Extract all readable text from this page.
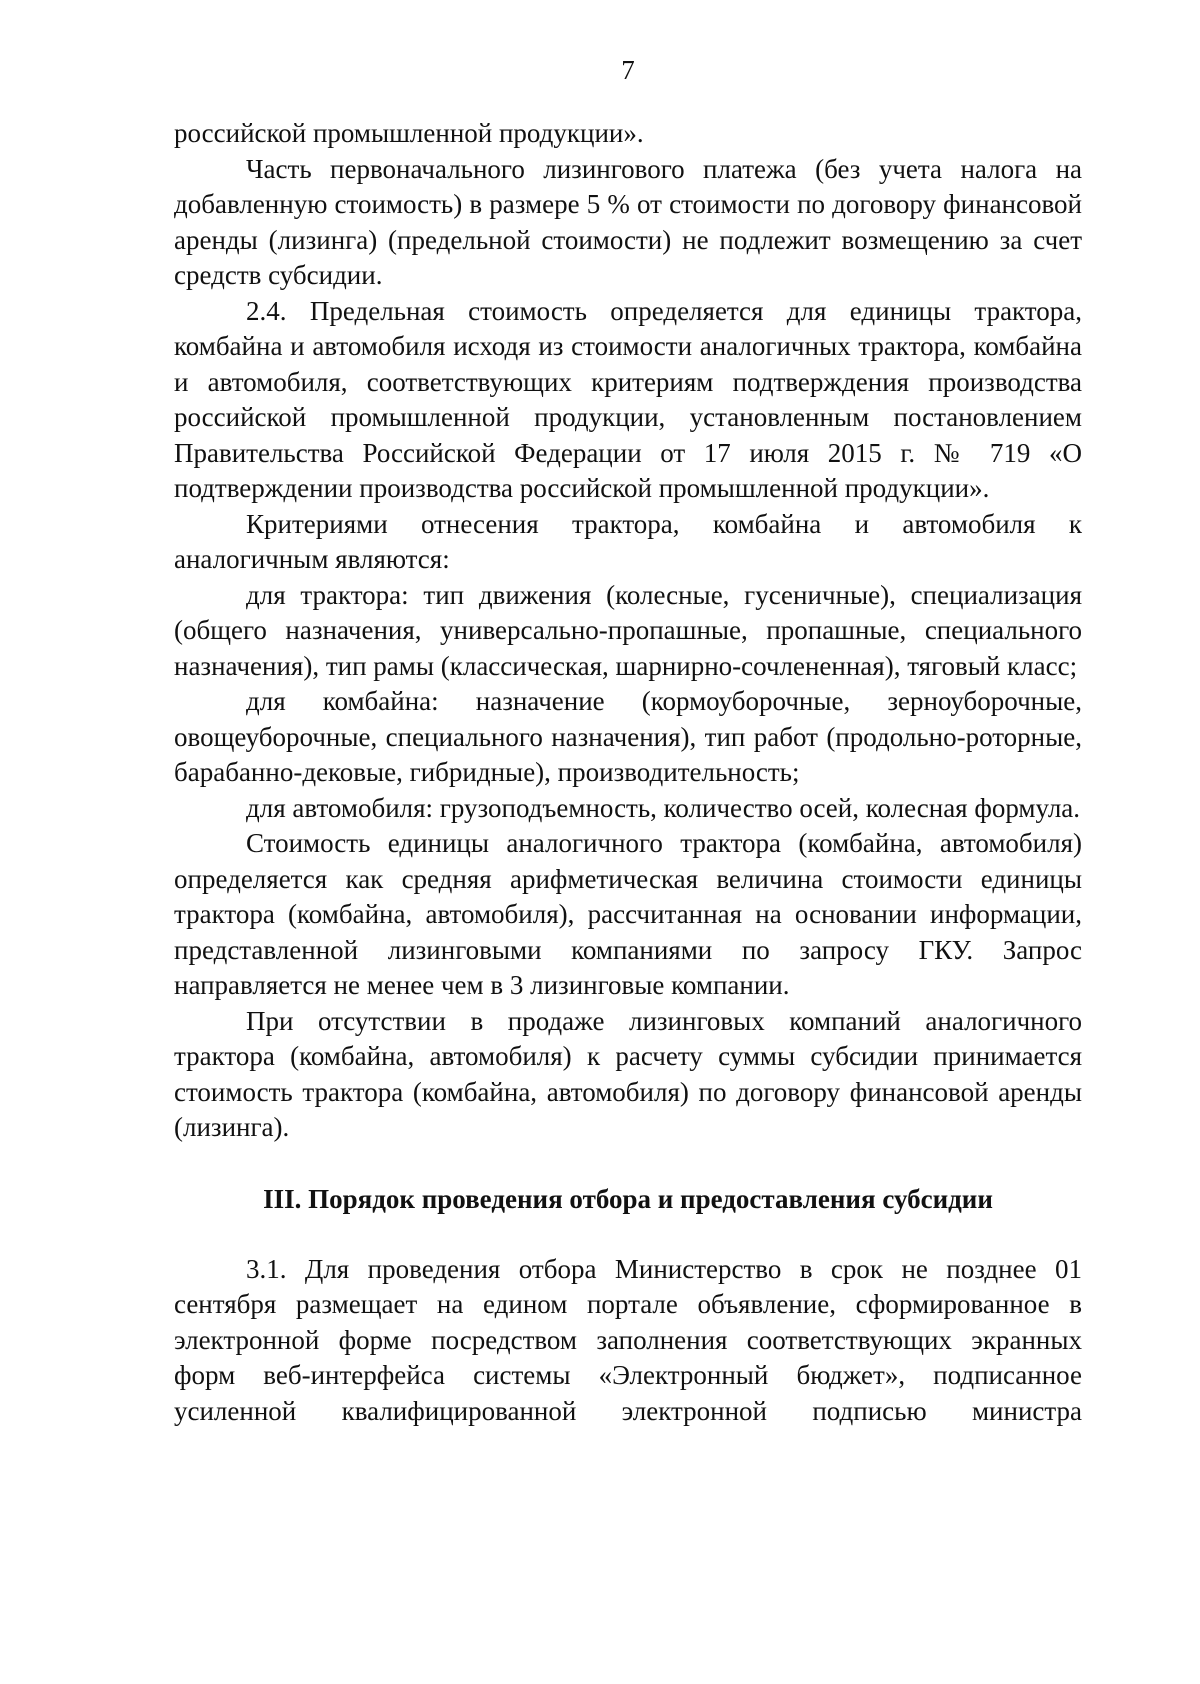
7

российской промышленной продукции».

Часть первоначального лизингового платежа (без учета налога на добавленную стоимость) в размере 5 % от стоимости по договору финансовой аренды (лизинга) (предельной стоимости) не подлежит возмещению за счет средств субсидии.

2.4. Предельная стоимость определяется для единицы трактора, комбайна и автомобиля исходя из стоимости аналогичных трактора, комбайна и автомобиля, соответствующих критериям подтверждения производства российской промышленной продукции, установленным постановлением Правительства Российской Федерации от 17 июля 2015 г. № 719 «О подтверждении производства российской промышленной продукции».

Критериями отнесения трактора, комбайна и автомобиля к аналогичным являются:

для трактора: тип движения (колесные, гусеничные), специализация (общего назначения, универсально-пропашные, пропашные, специального назначения), тип рамы (классическая, шарнирно-сочлененная), тяговый класс;

для комбайна: назначение (кормоуборочные, зерноуборочные, овощеуборочные, специального назначения), тип работ (продольно-роторные, барабанно-дековые, гибридные), производительность;

для автомобиля: грузоподъемность, количество осей, колесная формула.

Стоимость единицы аналогичного трактора (комбайна, автомобиля) определяется как средняя арифметическая величина стоимости единицы трактора (комбайна, автомобиля), рассчитанная на основании информации, представленной лизинговыми компаниями по запросу ГКУ. Запрос направляется не менее чем в 3 лизинговые компании.

При отсутствии в продаже лизинговых компаний аналогичного трактора (комбайна, автомобиля) к расчету суммы субсидии принимается стоимость трактора (комбайна, автомобиля) по договору финансовой аренды (лизинга).

III. Порядок проведения отбора и предоставления субсидии

3.1. Для проведения отбора Министерство в срок не позднее 01 сентября размещает на едином портале объявление, сформированное в электронной форме посредством заполнения соответствующих экранных форм веб-интерфейса системы «Электронный бюджет», подписанное усиленной квалифицированной электронной подписью министра
